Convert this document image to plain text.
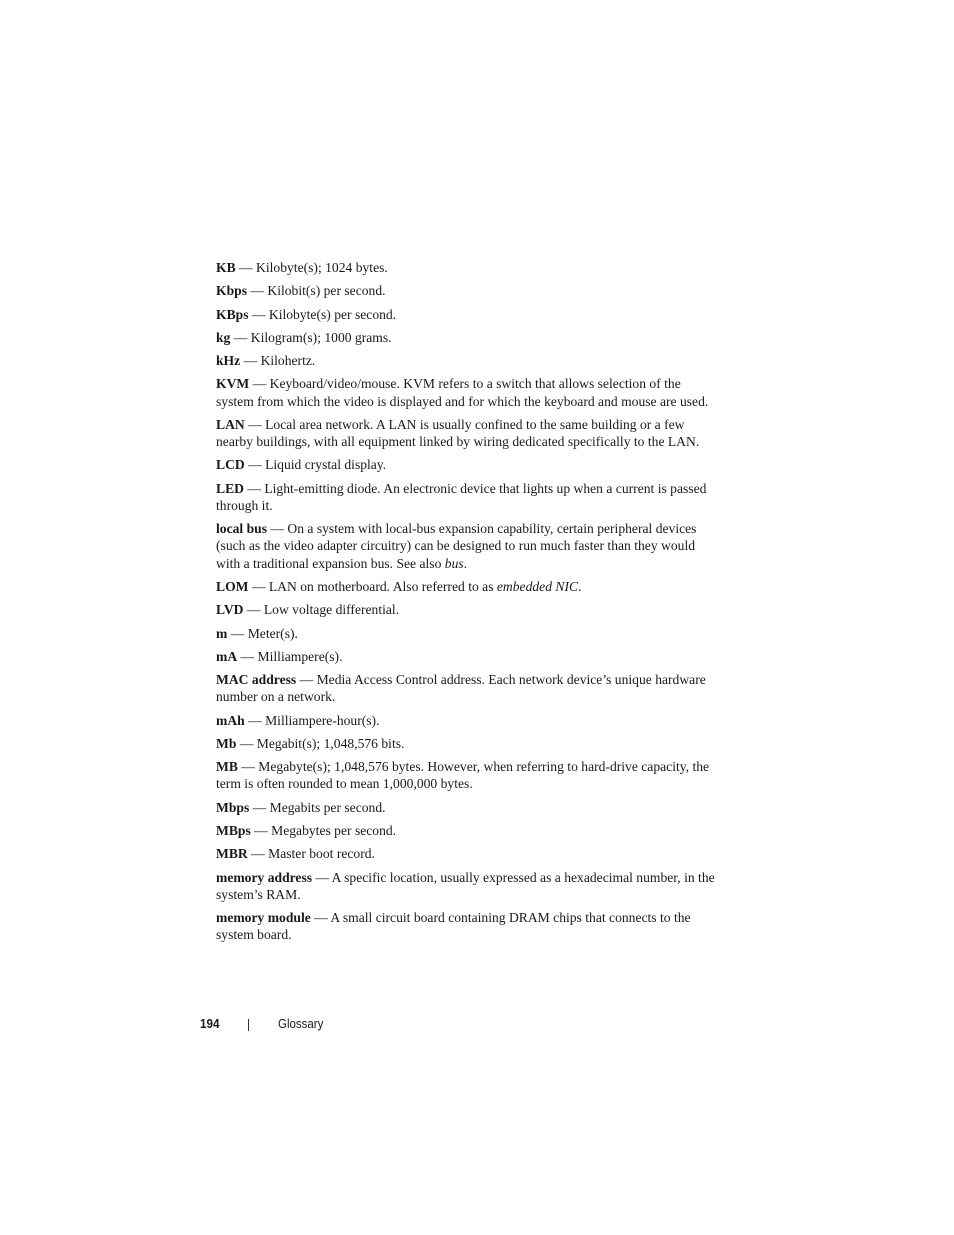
KB — Kilobyte(s); 1024 bytes.

Kbps — Kilobit(s) per second.

KBps — Kilobyte(s) per second.

kg — Kilogram(s); 1000 grams.

kHz — Kilohertz.

KVM — Keyboard/video/mouse. KVM refers to a switch that allows selection of the system from which the video is displayed and for which the keyboard and mouse are used.

LAN — Local area network. A LAN is usually confined to the same building or a few nearby buildings, with all equipment linked by wiring dedicated specifically to the LAN.

LCD — Liquid crystal display.

LED — Light-emitting diode. An electronic device that lights up when a current is passed through it.

local bus — On a system with local-bus expansion capability, certain peripheral devices (such as the video adapter circuitry) can be designed to run much faster than they would with a traditional expansion bus. See also bus.

LOM — LAN on motherboard. Also referred to as embedded NIC.

LVD — Low voltage differential.

m — Meter(s).

mA — Milliampere(s).

MAC address — Media Access Control address. Each network device’s unique hardware number on a network.

mAh — Milliampere-hour(s).

Mb — Megabit(s); 1,048,576 bits.

MB — Megabyte(s); 1,048,576 bytes. However, when referring to hard-drive capacity, the term is often rounded to mean 1,000,000 bytes.

Mbps — Megabits per second.

MBps — Megabytes per second.

MBR — Master boot record.

memory address — A specific location, usually expressed as a hexadecimal number, in the system’s RAM.

memory module — A small circuit board containing DRAM chips that connects to the system board.

194	Glossary
